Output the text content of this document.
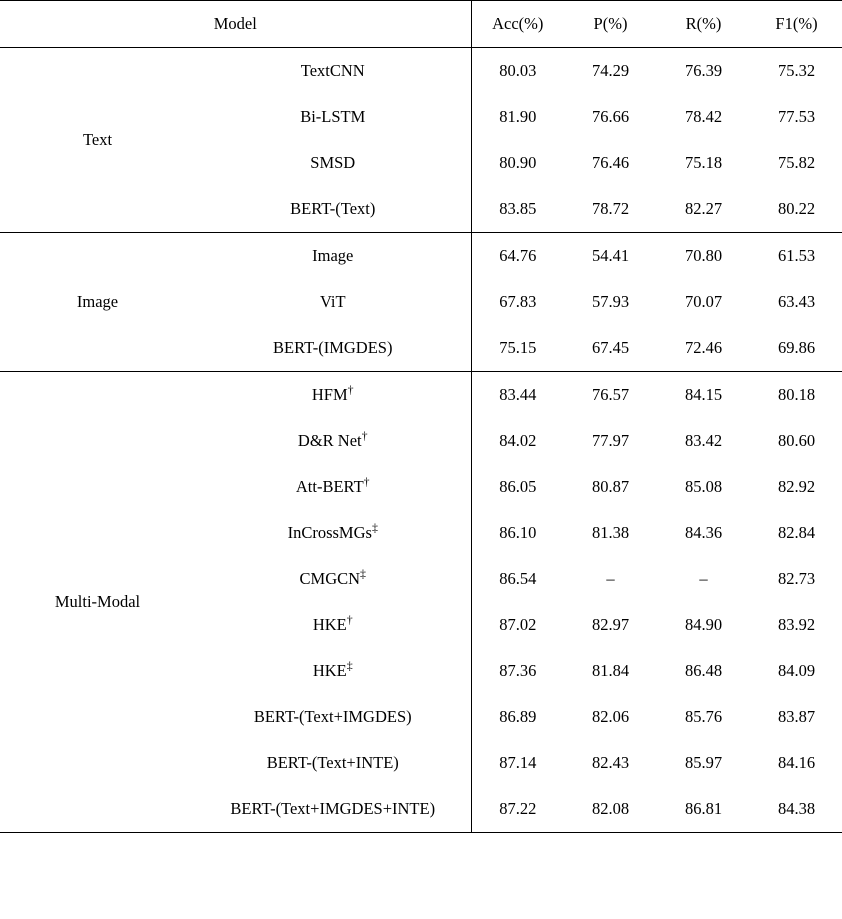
Model		Acc(%)	P(%)	R(%)	F1(%)

Text	TextCNN	80.03	74.29	76.39	75.32
	Bi-LSTM	81.90	76.66	78.42	77.53
	SMSD	80.90	76.46	75.18	75.82
	BERT-(Text)	83.85	78.72	82.27	80.22

Image	Image	64.76	54.41	70.80	61.53
	ViT	67.83	57.93	70.07	63.43
	BERT-(IMGDES)	75.15	67.45	72.46	69.86

Multi-Modal	HFM†	83.44	76.57	84.15	80.18
	D&R Net†	84.02	77.97	83.42	80.60
	Att-BERT†	86.05	80.87	85.08	82.92
	InCrossMGs‡	86.10	81.38	84.36	82.84
	CMGCN‡	86.54	–	–	82.73
	HKE†	87.02	82.97	84.90	83.92
	HKE‡	87.36	81.84	86.48	84.09
	BERT-(Text+IMGDES)	86.89	82.06	85.76	83.87
	BERT-(Text+INTE)	87.14	82.43	85.97	84.16
	BERT-(Text+IMGDES+INTE)	87.22	82.08	86.81	84.38
